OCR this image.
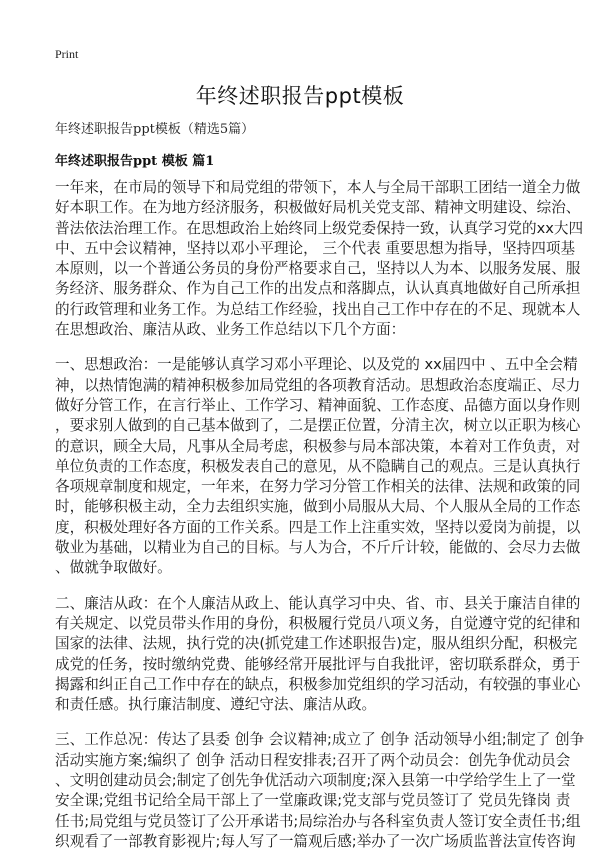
Print
年终述职报告ppt模板
年终述职报告ppt模板（精选5篇）
年终述职报告ppt 模板 篇1
一年来，在市局的领导下和局党组的带领下，本人与全局干部职工团结一道全力做
好本职工作。在为地方经济服务，积极做好局机关党支部、精神文明建设、综治、
普法依法治理工作。在思想政治上始终同上级党委保持一致，认真学习党的xx大四
中、五中会议精神，坚持以邓小平理论， 三个代表 重要思想为指导，坚持四项基
本原则，以一个普通公务员的身份严格要求自己，坚持以人为本、以服务发展、服
务经济、服务群众、作为自己工作的出发点和落脚点，认认真真地做好自己所承担
的行政管理和业务工作。为总结工作经验，找出自己工作中存在的不足、现就本人
在思想政治、廉洁从政、业务工作总结以下几个方面：
一、思想政治：一是能够认真学习邓小平理论、以及党的 xx届四中 、五中全会精
神，以热情饱满的精神积极参加局党组的各项教育活动。思想政治态度端正、尽力
做好分管工作，在言行举止、工作学习、精神面貌、工作态度、品德方面以身作则
，要求别人做到的自己基本做到了，二是摆正位置，分清主次，树立以正职为核心
的意识，顾全大局，凡事从全局考虑，积极参与局本部决策，本着对工作负责，对
单位负责的工作态度，积极发表自己的意见，从不隐瞒自己的观点。三是认真执行
各项规章制度和规定，一年来，在努力学习分管工作相关的法律、法规和政策的同
时，能够积极主动，全力去组织实施，做到小局服从大局、个人服从全局的工作态
度，积极处理好各方面的工作关系。四是工作上注重实效，坚持以爱岗为前提，以
敬业为基础，以精业为自己的目标。与人为合，不斤斤计较，能做的、会尽力去做
、做就争取做好。
二、廉洁从政：在个人廉洁从政上、能认真学习中央、省、市、县关于廉洁自律的
有关规定、以党员带头作用的身份，积极履行党员八项义务，自觉遵守党的纪律和
国家的法律、法规，执行党的决(抓党建工作述职报告)定，服从组织分配，积极完
成党的任务，按时缴纳党费、能够经常开展批评与自我批评，密切联系群众，勇于
揭露和纠正自己工作中存在的缺点，积极参加党组织的学习活动，有较强的事业心
和责任感。执行廉洁制度、遵纪守法、廉洁从政。
三、工作总况：传达了县委 创争 会议精神;成立了 创争 活动领导小组;制定了 创争
活动实施方案;编织了 创争 活动日程安排表;召开了两个动员会：创先争优动员会
、文明创建动员会;制定了创先争优活动六项制度;深入县第一中学给学生上了一堂
安全课;党组书记给全局干部上了一堂廉政课;党支部与党员签订了 党员先锋岗 责
任书;局党组与党员签订了公开承诺书;局综治办与各科室负责人签订安全责任书;组
织观看了一部教育影视片;每人写了一篇观后感;举办了一次广场质监普法宣传咨询
